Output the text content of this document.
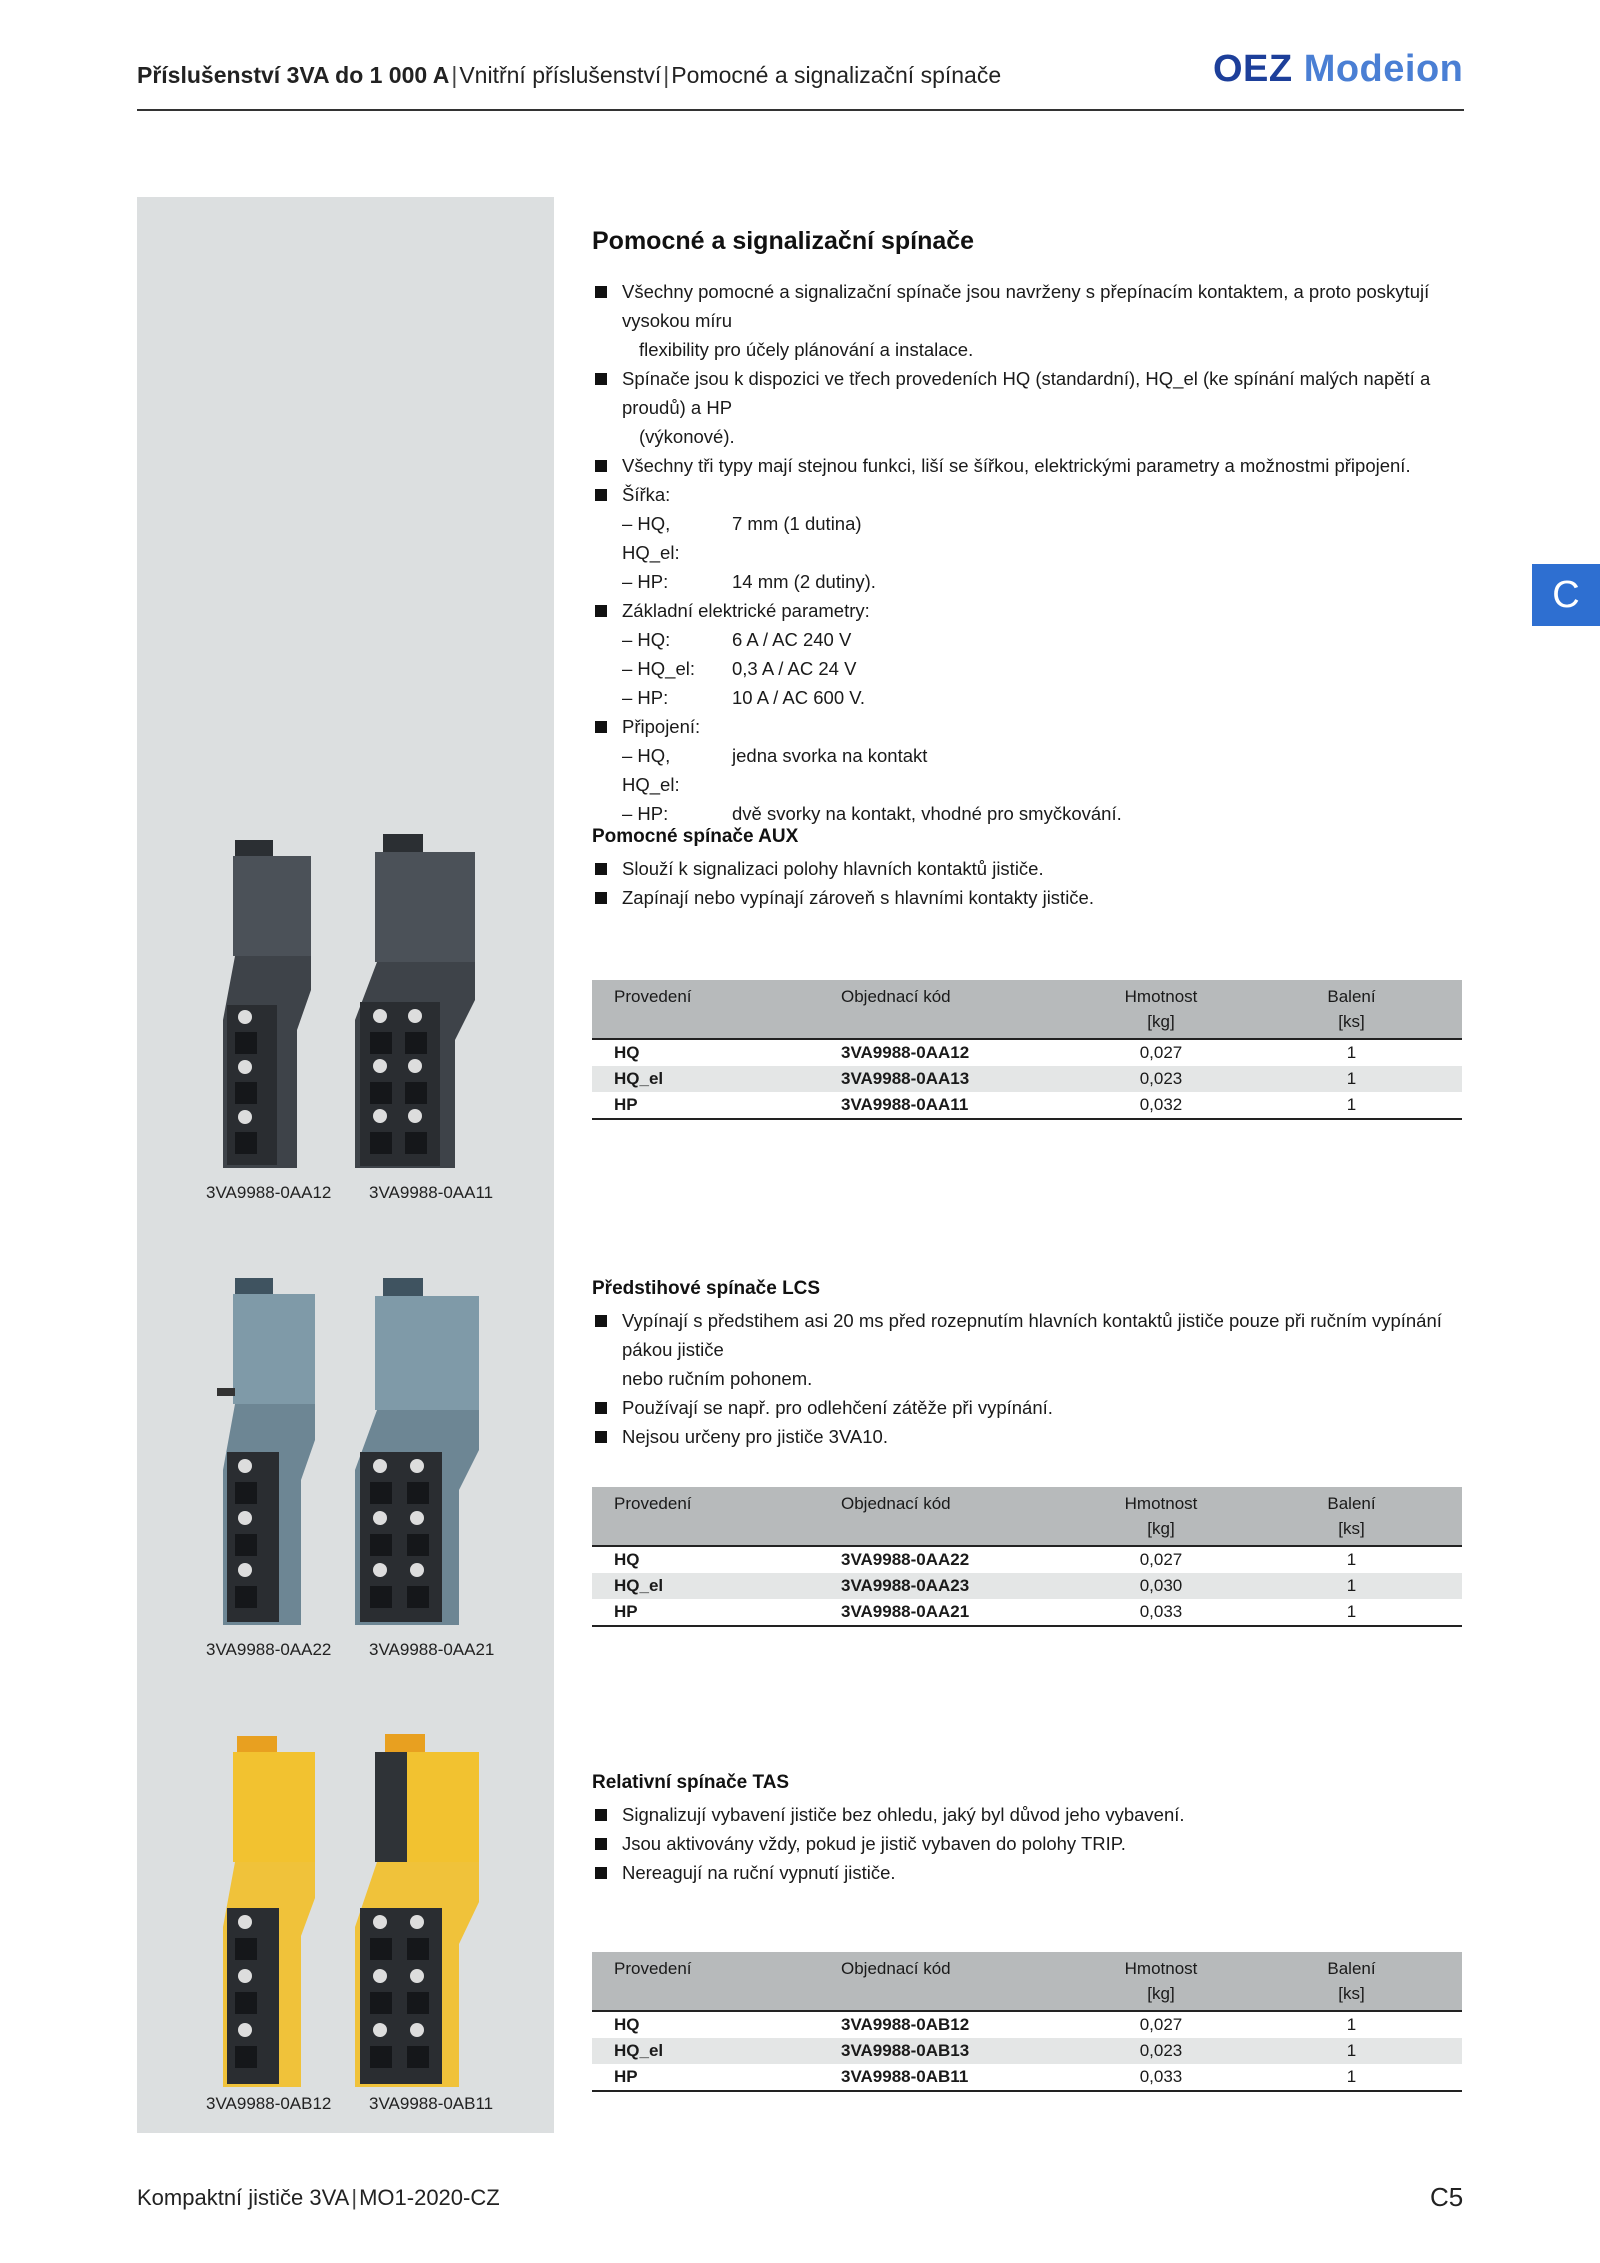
Příslušenství 3VA do 1 000 A|Vnitřní příslušenství|Pomocné a signalizační spínače	OEZ Modeion
C
Pomocné a signalizační spínače
Všechny pomocné a signalizační spínače jsou navrženy s přepínacím kontaktem, a proto poskytují vysokou míru
flexibility pro účely plánování a instalace.
Spínače jsou k dispozici ve třech provedeních HQ (standardní), HQ_el (ke spínání malých napětí a proudů) a HP
(výkonové).
Všechny tři typy mají stejnou funkci, liší se šířkou, elektrickými parametry a možnostmi připojení.
Šířka:
– HQ, HQ_el:
7 mm (1 dutina)
– HP:	14 mm (2 dutiny).
Základní elektrické parametry:
– HQ:	6 A / AC 240 V
– HQ_el:	0,3 A / AC 24 V
– HP:	10 A / AC 600 V.
Připojení:
– HQ, HQ_el:
jedna svorka na kontakt
– HP:	dvě svorky na kontakt, vhodné pro smyčkování.
Pomocné spínače AUX
Slouží k signalizaci polohy hlavních kontaktů jističe.
Zapínají nebo vypínají zároveň s hlavními kontakty jističe.
Provedení	Objednací kód	Hmotnost
[kg]	Balení
[ks]

HQ	3VA9988-0AA12	0,027	1
HQ_el	3VA9988-0AA13	0,023	1
HP	3VA9988-0AA11	0,032	1
3VA9988-0AA12 3VA9988-0AA11
Předstihové spínače LCS
Vypínají s předstihem asi 20 ms před rozepnutím hlavních kontaktů jističe pouze při ručním vypínání pákou jističe
nebo ručním pohonem.
Používají se např. pro odlehčení zátěže při vypínání.
Nejsou určeny pro jističe 3VA10.
Provedení	Objednací kód	Hmotnost
[kg]	Balení
[ks]

HQ	3VA9988-0AA22	0,027	1
HQ_el	3VA9988-0AA23	0,030	1
HP	3VA9988-0AA21	0,033	1
3VA9988-0AA22 3VA9988-0AA21
Relativní spínače TAS
Signalizují vybavení jističe bez ohledu, jaký byl důvod jeho vybavení.
Jsou aktivovány vždy, pokud je jistič vybaven do polohy TRIP.
Nereagují na ruční vypnutí jističe.
Provedení	Objednací kód	Hmotnost
[kg]	Balení
[ks]

HQ	3VA9988-0AB12	0,027	1
HQ_el	3VA9988-0AB13	0,023	1
HP	3VA9988-0AB11	0,033	1
3VA9988-0AB12 3VA9988-0AB11
Kompaktní jističe 3VA|MO1-2020-CZ	C5
